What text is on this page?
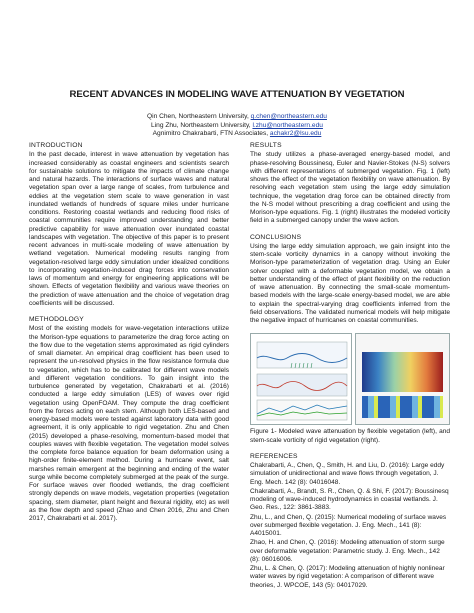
RECENT ADVANCES IN MODELING WAVE ATTENUATION BY VEGETATION
Qin Chen, Northeastern University, q.chen@northeastern.edu
Ling Zhu, Northeastern University, l.zhu@northeastern.edu
Agnimitro Chakrabarti, FTN Associates, achakr2@lsu.edu
INTRODUCTION

In the past decade, interest in wave attenuation by vegetation has increased considerably as coastal engineers and scientists search for sustainable solutions to mitigate the impacts of climate change and natural hazards. The interactions of surface waves and natural vegetation span over a large range of scales, from turbulence and eddies at the vegetation stem scale to wave generation in vast inundated wetlands of hundreds of square miles under hurricane conditions. Restoring coastal wetlands and reducing flood risks of coastal communities require improved understanding and better predictive capability for wave attenuation over inundated coastal landscapes with vegetation. The objective of this paper is to present recent advances in multi-scale modeling of wave attenuation by wetland vegetation. Numerical modeling results ranging from vegetation-resolved large eddy simulation under idealized conditions to incorporating vegetation-induced drag forces into conservation laws of momentum and energy for engineering applications will be shown. Effects of vegetation flexibility and various wave theories on the prediction of wave attenuation and the choice of vegetation drag coefficients will be discussed.

METHODOLOGY

Most of the existing models for wave-vegetation interactions utilize the Morison-type equations to parameterize the drag force acting on the flow due to the vegetation stems approximated as rigid cylinders of small diameter. An empirical drag coefficient has been used to represent the un-resolved physics in the flow resistance formula due to vegetation, which has to be calibrated for different wave models and different vegetation conditions. To gain insight into the turbulence generated by vegetation, Chakrabarti et al. (2016) conducted a large eddy simulation (LES) of waves over rigid vegetation using OpenFOAM. They compute the drag coefficient from the forces acting on each stem. Although both LES-based and energy-based models were tested against laboratory data with good agreement, it is only applicable to rigid vegetation. Zhu and Chen (2015) developed a phase-resolving, momentum-based model that couples waves with flexible vegetation. The vegetation model solves the complete force balance equation for beam deformation using a high-order finite-element method. During a hurricane event, salt marshes remain emergent at the beginning and ending of the water surge while become completely submerged at the peak of the surge. For surface waves over flooded wetlands, the drag coefficient strongly depends on wave models, vegetation properties (vegetation spacing, stem diameter, plant height and flexural rigidity, etc) as well as the flow depth and speed (Zhao and Chen 2016, Zhu and Chen 2017, Chakrabarti et al. 2017).

RESULTS

The study utilizes a phase-averaged energy-based model, and phase-resolving Boussinesq, Euler and Navier-Stokes (N-S) solvers with different representations of submerged vegetation. Fig. 1 (left) shows the effect of the vegetation flexibility on wave attenuation. By resolving each vegetation stem using the large eddy simulation technique, the vegetation drag force can be obtained directly from the N-S model without prescribing a drag coefficient and using the Morison-type equations. Fig. 1 (right) illustrates the modeled vorticity field in a submerged canopy under the wave action.

CONCLUSIONS

Using the large eddy simulation approach, we gain insight into the stem-scale vorticity dynamics in a canopy without invoking the Morison-type parameterization of vegetation drag. Using an Euler solver coupled with a deformable vegetation model, we obtain a better understanding of the effect of plant flexibility on the reduction of wave attenuation. By connecting the small-scale momentum-based models with the large-scale energy-based model, we are able to explain the spectral-varying drag coefficients inferred from the field observations. The validated numerical models will help mitigate the negative impact of hurricanes on coastal communities.

Figure 1- Modeled wave attenuation by flexible vegetation (left), and stem-scale vorticity of rigid vegetation (right).

REFERENCES
Chakrabarti, A., Chen, Q., Smith, H. and Liu, D. (2016): Large eddy simulation of unidirectional and wave flows through vegetation, J. Eng. Mech. 142 (8): 04016048.
Chakrabarti, A., Brandt, S. R., Chen, Q. & Shi, F. (2017): Boussinesq modeling of wave-induced hydrodynamics in coastal wetlands. J. Geo. Res., 122: 3861-3883.
Zhu, L., and Chen, Q. (2015): Numerical modeling of surface waves over submerged flexible vegetation. J. Eng. Mech., 141 (8): A4015001.
Zhao, H. and Chen, Q. (2016): Modeling attenuation of storm surge over deformable vegetation: Parametric study. J. Eng. Mech., 142 (8): 06016006.
Zhu, L. & Chen, Q. (2017): Modeling attenuation of highly nonlinear water waves by rigid vegetation: A comparison of different wave theories, J. WPCOE, 143 (5): 04017029.
